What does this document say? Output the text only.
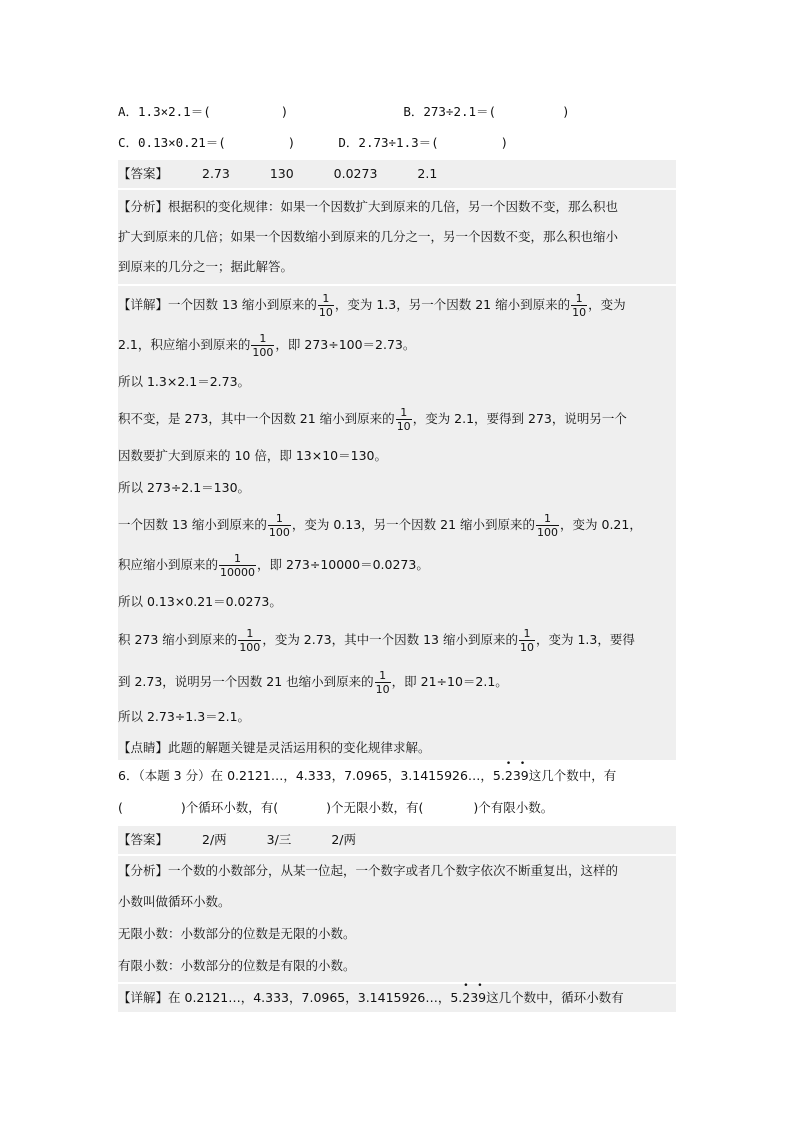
A．1.3×2.1＝(	)	B．273÷2.1＝(	)
C．0.13×0.21＝(	)	D．2.73÷1.3＝(	)
【答案】	2.73	130	0.0273	2.1
【分析】根据积的变化规律：如果一个因数扩大到原来的几倍，另一个因数不变，那么积也
扩大到原来的几倍；如果一个因数缩小到原来的几分之一，另一个因数不变，那么积也缩小
到原来的几分之一；据此解答。
【详解】一个因数 13 缩小到原来的 $\frac{1}{10}$ ，变为 1.3，另一个因数 21 缩小到原来的 $\frac{1}{10}$ ，变为
2.1，积应缩小到原来的 $\frac{1}{100}$ ，即 273÷100＝2.73。
所以 1.3×2.1＝2.73。
积不变，是 273，其中一个因数 21 缩小到原来的 $\frac{1}{10}$ ，变为 2.1，要得到 273，说明另一个
因数要扩大到原来的 10 倍，即 13×10＝130。
所以 273÷2.1＝130。
一个因数 13 缩小到原来的 $\frac{1}{100}$ ，变为 0.13，另一个因数 21 缩小到原来的 $\frac{1}{100}$ ，变为 0.21，
积应缩小到原来的 $\frac{1}{10000}$ ，即 273÷10000＝0.0273。
所以 0.13×0.21＝0.0273。
积 273 缩小到原来的 $\frac{1}{100}$ ，变为 2.73，其中一个因数 13 缩小到原来的 $\frac{1}{10}$ ，变为 1.3，要得
到 2.73，说明另一个因数 21 也缩小到原来的 $\frac{1}{10}$ ，即 21÷10＝2.1。
所以 2.73÷1.3＝2.1。
【点睛】此题的解题关键是灵活运用积的变化规律求解。
6．（本题 3 分）在 0.2121…，4.333，7.0965，3.1415926…，5.
• •
239这几个数中，有
(	)个循环小数，有(	)个无限小数，有(	)个有限小数。
【答案】	2/两	3/三	2/两
【分析】一个数的小数部分，从某一位起，一个数字或者几个数字依次不断重复出，这样的
小数叫做循环小数。
无限小数：小数部分的位数是无限的小数。
有限小数：小数部分的位数是有限的小数。
【详解】在 0.2121…，4.333，7.0965，3.1415926…，5.
• •
239这几个数中，循环小数有
